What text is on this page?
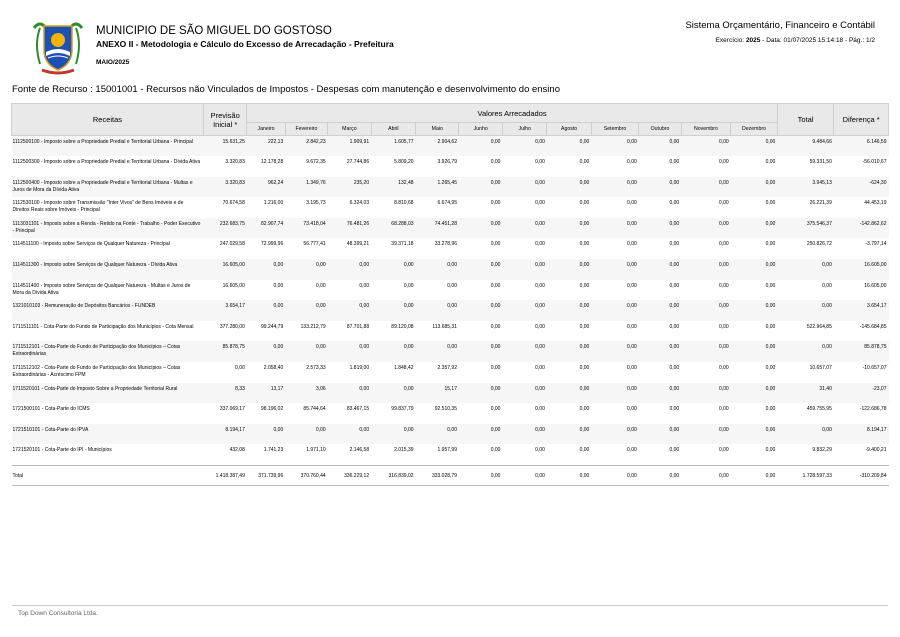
MUNICIPIO DE SÃO MIGUEL DO GOSTOSO
ANEXO II - Metodologia e Cálculo do Excesso de Arrecadação - Prefeitura
MAIO/2025
Sistema Orçamentário, Financeiro e Contábil
Exercício: 2025 - Data: 01/07/2025 15:14:18 - Pág.: 1/2
Fonte de Recurso : 15001001 - Recursos não Vinculados de Impostos - Despesas com manutenção e desenvolvimento do ensino
Receitas	Previsão Inicial *	Valores Arrecadados												Total	Diferença *
		Janeiro	Fevereiro	Março	Abril	Maio	Junho	Julho	Agosto	Setembro	Outubro	Novembro	Dezembro		
1112500100 - Imposto sobre a Propriedade Predial e Territorial Urbana - Principal	15.631,25	222,13	2.842,23	1.909,91	1.605,77	2.904,62	0,00	0,00	0,00	0,00	0,00	0,00	0,00	9.484,66	6.146,59
1112500300 - Imposto sobre a Propriedade Predial e Territorial Urbana - Dívida Ativa	3.320,83	12.178,28	9.672,35	27.744,86	5.809,20	3.926,79	0,00	0,00	0,00	0,00	0,00	0,00	0,00	59.331,50	-56.010,67
1112500400 - Imposto sobre a Propriedade Predial e Territorial Urbana - Multas e Juros de Mora da Dívida Ativa	3.320,83	962,24	1.349,76	235,20	132,48	1.265,45	0,00	0,00	0,00	0,00	0,00	0,00	0,00	3.945,13	-624,30
1112530100 - Imposto sobre Transmissão "Inter Vivos" de Bens Imóveis e de Direitos Reais sobre Imóveis - Principal	70.674,58	1.216,00	3.195,73	6.324,03	8.810,68	6.674,95	0,00	0,00	0,00	0,00	0,00	0,00	0,00	26.221,39	44.453,19
1113031101 - Imposto sobre a Renda - Retido na Fonte - Trabalho - Poder Executivo - Principal	232.683,75	82.907,74	73.418,04	76.481,26	68.288,03	74.451,28	0,00	0,00	0,00	0,00	0,00	0,00	0,00	375.546,37	-142.862,62
1114511100 - Imposto sobre Serviços de Qualquer Natureza - Principal	247.029,58	72.999,96	56.777,41	48.399,21	39.371,18	33.278,96	0,00	0,00	0,00	0,00	0,00	0,00	0,00	250.826,72	-3.797,14
1114511300 - Imposto sobre Serviços de Qualquer Natureza - Dívida Ativa	16.605,00	0,00	0,00	0,00	0,00	0,00	0,00	0,00	0,00	0,00	0,00	0,00	0,00	0,00	16.605,00
1114511400 - Imposto sobre Serviços de Qualquer Natureza - Multas e Juros de Mora da Dívida Ativa	16.605,00	0,00	0,00	0,00	0,00	0,00	0,00	0,00	0,00	0,00	0,00	0,00	0,00	0,00	16.605,00
1321010103 - Remuneração de Depósitos Bancários - FUNDEB	3.654,17	0,00	0,00	0,00	0,00	0,00	0,00	0,00	0,00	0,00	0,00	0,00	0,00	0,00	3.654,17
1711511101 - Cota-Parte do Fundo de Participação dos Municípios - Cota Mensal	377.280,00	99.244,79	133.212,79	87.701,88	89.120,08	113.685,31	0,00	0,00	0,00	0,00	0,00	0,00	0,00	522.964,85	-145.684,85
1711512101 - Cota-Parte do Fundo de Participação dos Municípios – Cotas Extraordinárias	85.878,75	0,00	0,00	0,00	0,00	0,00	0,00	0,00	0,00	0,00	0,00	0,00	0,00	0,00	85.878,75
1711512102 - Cota-Parte do Fundo de Participação dos Municípios – Cotas Extraordinárias - Acréscimo FPM	0,00	2.058,40	2.573,33	1.819,00	1.848,42	2.357,92	0,00	0,00	0,00	0,00	0,00	0,00	0,00	10.657,07	-10.657,07
1711520101 - Cota-Parte do Imposto Sobre a Propriedade Territorial Rural	8,33	13,17	3,06	0,00	0,00	15,17	0,00	0,00	0,00	0,00	0,00	0,00	0,00	31,40	-23,07
1721500101 - Cota-Parte do ICMS	337.069,17	98.196,02	85.744,64	83.467,15	99.837,79	92.510,35	0,00	0,00	0,00	0,00	0,00	0,00	0,00	459.755,95	-122.686,78
1721510101 - Cota-Parte do IPVA	8.194,17	0,00	0,00	0,00	0,00	0,00	0,00	0,00	0,00	0,00	0,00	0,00	0,00	0,00	8.194,17
1721520101 - Cota-Parte do IPI - Municípios	432,08	1.741,23	1.971,10	2.146,58	2.015,39	1.957,99	0,00	0,00	0,00	0,00	0,00	0,00	0,00	9.832,29	-9.400,21
Total	1.418.387,49	371.739,96	370.760,44	336.229,12	316.839,02	333.028,79	0,00	0,00	0,00	0,00	0,00	0,00	0,00	1.728.597,33	-310.209,84
Top Down Consultoria Ltda.
